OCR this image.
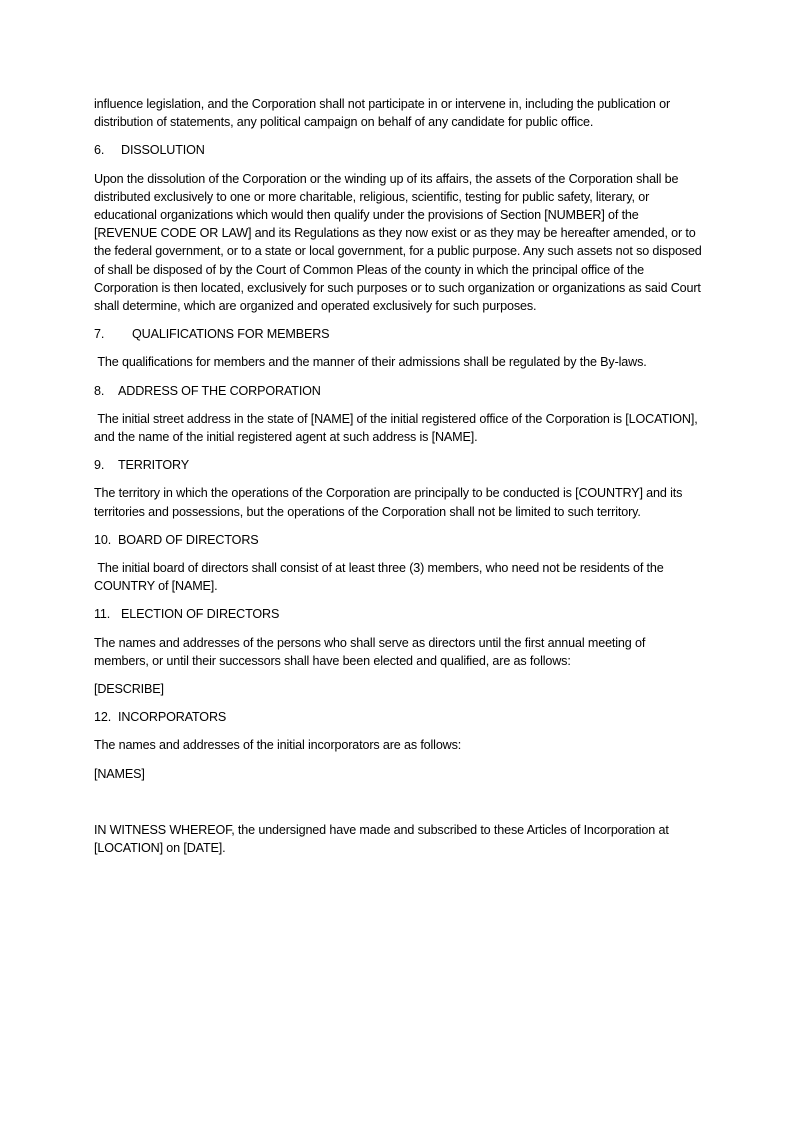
influence legislation, and the Corporation shall not participate in or intervene in, including the publication or distribution of statements, any political campaign on behalf of any candidate for public office.

6.	DISSOLUTION

Upon the dissolution of the Corporation or the winding up of its affairs, the assets of the Corporation shall be distributed exclusively to one or more charitable, religious, scientific, testing for public safety, literary, or educational organizations which would then qualify under the provisions of Section [NUMBER] of the [REVENUE CODE OR LAW] and its Regulations as they now exist or as they may be hereafter amended, or to the federal government, or to a state or local government, for a public purpose. Any such assets not so disposed of shall be disposed of by the Court of Common Pleas of the county in which the principal office of the Corporation is then located, exclusively for such purposes or to such organization or organizations as said Court shall determine, which are organized and operated exclusively for such purposes.

7.	QUALIFICATIONS FOR MEMBERS

The qualifications for members and the manner of their admissions shall be regulated by the By-laws.

8.	ADDRESS OF THE CORPORATION

The initial street address in the state of [NAME] of the initial registered office of the Corporation is [LOCATION], and the name of the initial registered agent at such address is [NAME].

9.	TERRITORY

The territory in which the operations of the Corporation are principally to be conducted is [COUNTRY] and its territories and possessions, but the operations of the Corporation shall not be limited to such territory.

10. BOARD OF DIRECTORS

The initial board of directors shall consist of at least three (3) members, who need not be residents of the COUNTRY of [NAME].

11. ELECTION OF DIRECTORS

The names and addresses of the persons who shall serve as directors until the first annual meeting of members, or until their successors shall have been elected and qualified, are as follows:

[DESCRIBE]

12. INCORPORATORS

The names and addresses of the initial incorporators are as follows:

[NAMES]

IN WITNESS WHEREOF, the undersigned have made and subscribed to these Articles of Incorporation at [LOCATION] on [DATE].
